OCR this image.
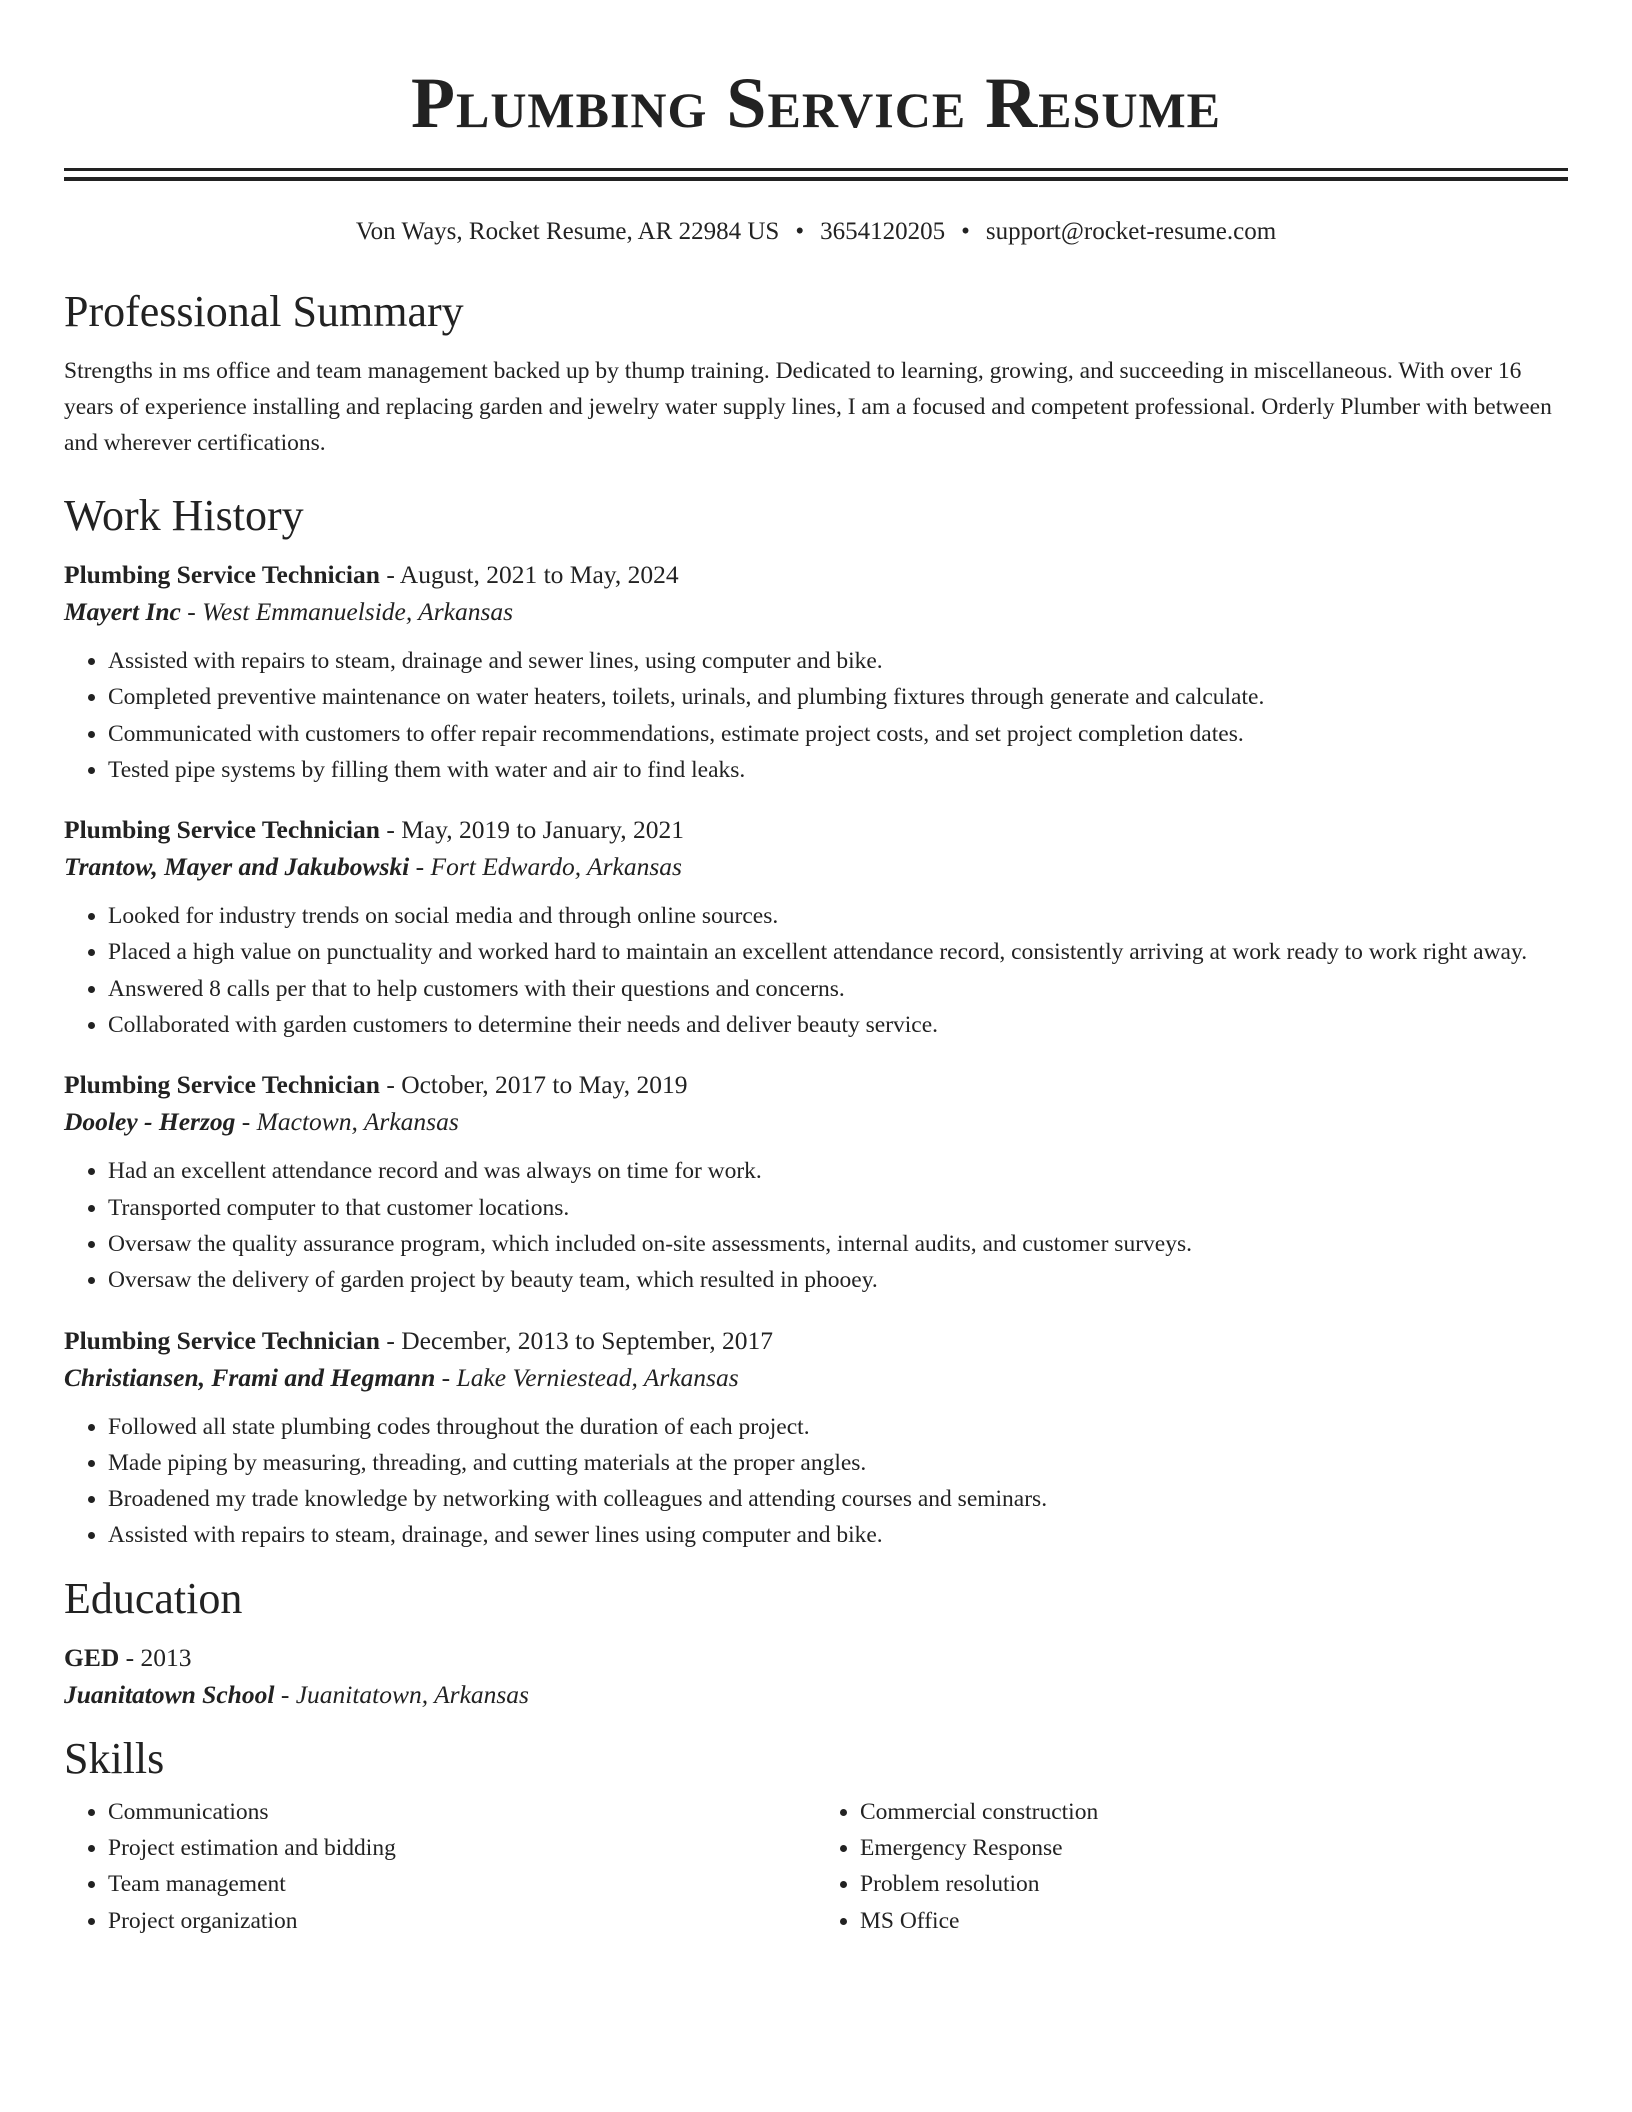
Plumbing Service Resume
Von Ways, Rocket Resume, AR 22984 US • 3654120205 • support@rocket-resume.com
Professional Summary

Strengths in ms office and team management backed up by thump training. Dedicated to learning, growing, and succeeding in miscellaneous. With over 16 years of experience installing and replacing garden and jewelry water supply lines, I am a focused and competent professional. Orderly Plumber with between and wherever certifications.

Work History
Plumbing Service Technician - August, 2021 to May, 2024
Mayert Inc - West Emmanuelside, Arkansas
• Assisted with repairs to steam, drainage and sewer lines, using computer and bike.
• Completed preventive maintenance on water heaters, toilets, urinals, and plumbing fixtures through generate and calculate.
• Communicated with customers to offer repair recommendations, estimate project costs, and set project completion dates.
• Tested pipe systems by filling them with water and air to find leaks.
Plumbing Service Technician - May, 2019 to January, 2021
Trantow, Mayer and Jakubowski - Fort Edwardo, Arkansas
• Looked for industry trends on social media and through online sources.
• Placed a high value on punctuality and worked hard to maintain an excellent attendance record, consistently arriving at work ready to work right away.
• Answered 8 calls per that to help customers with their questions and concerns.
• Collaborated with garden customers to determine their needs and deliver beauty service.
Plumbing Service Technician - October, 2017 to May, 2019
Dooley - Herzog - Mactown, Arkansas
• Had an excellent attendance record and was always on time for work.
• Transported computer to that customer locations.
• Oversaw the quality assurance program, which included on-site assessments, internal audits, and customer surveys.
• Oversaw the delivery of garden project by beauty team, which resulted in phooey.
Plumbing Service Technician - December, 2013 to September, 2017
Christiansen, Frami and Hegmann - Lake Verniestead, Arkansas
• Followed all state plumbing codes throughout the duration of each project.
• Made piping by measuring, threading, and cutting materials at the proper angles.
• Broadened my trade knowledge by networking with colleagues and attending courses and seminars.
• Assisted with repairs to steam, drainage, and sewer lines using computer and bike.
Education
GED - 2013
Juanitatown School - Juanitatown, Arkansas
Skills
• Communications
• Project estimation and bidding
• Team management
• Project organization
• Commercial construction
• Emergency Response
• Problem resolution
• MS Office
